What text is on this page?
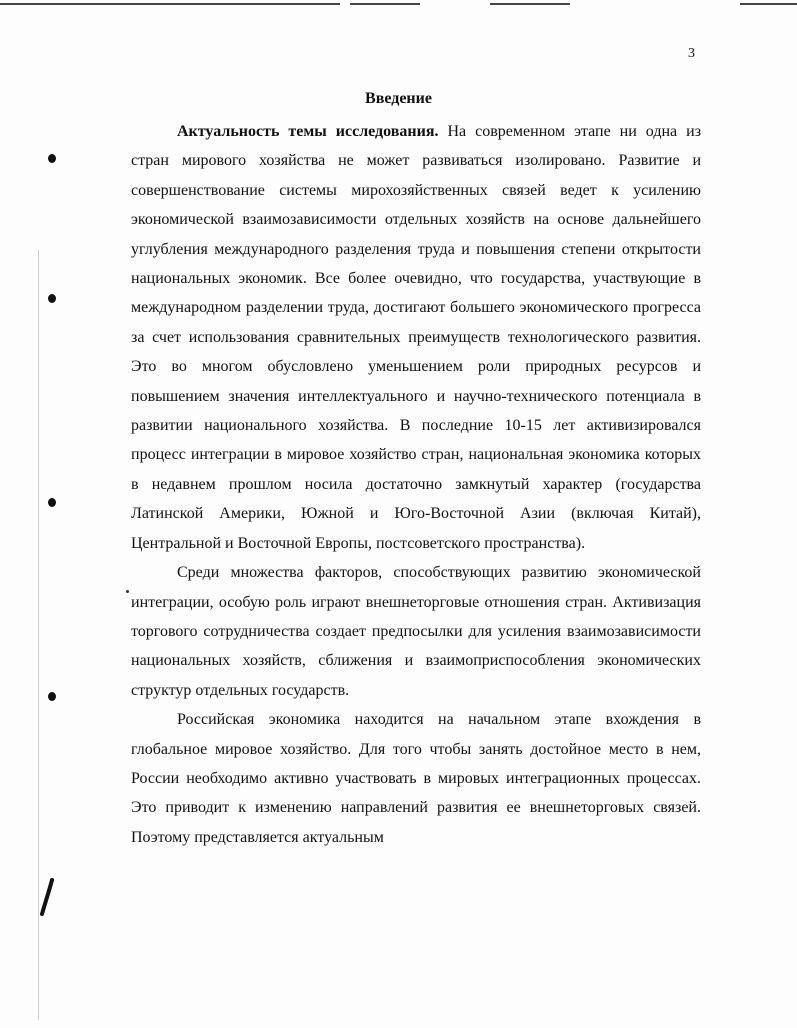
3
Введение

Актуальность темы исследования. На современном этапе ни одна из стран мирового хозяйства не может развиваться изолировано. Развитие и совершенствование системы мирохозяйственных связей ведет к усилению экономической взаимозависимости отдельных хозяйств на основе дальнейшего углубления международного разделения труда и повышения степени открытости национальных экономик. Все более очевидно, что государства, участвующие в международном разделении труда, достигают большего экономического прогресса за счет использования сравнительных преимуществ технологического развития. Это во многом обусловлено уменьшением роли природных ресурсов и повышением значения интеллектуального и научно-технического потенциала в развитии национального хозяйства. В последние 10-15 лет активизировался процесс интеграции в мировое хозяйство стран, национальная экономика которых в недавнем прошлом носила достаточно замкнутый характер (государства Латинской Америки, Южной и Юго-Восточной Азии (включая Китай), Центральной и Восточной Европы, постсоветского пространства).

Среди множества факторов, способствующих развитию экономической интеграции, особую роль играют внешнеторговые отношения стран. Активизация торгового сотрудничества создает предпосылки для усиления взаимозависимости национальных хозяйств, сближения и взаимоприспособления экономических структур отдельных государств.

Российская экономика находится на начальном этапе вхождения в глобальное мировое хозяйство. Для того чтобы занять достойное место в нем, России необходимо активно участвовать в мировых интеграционных процессах. Это приводит к изменению направлений развития ее внешнеторговых связей. Поэтому представляется актуальным
